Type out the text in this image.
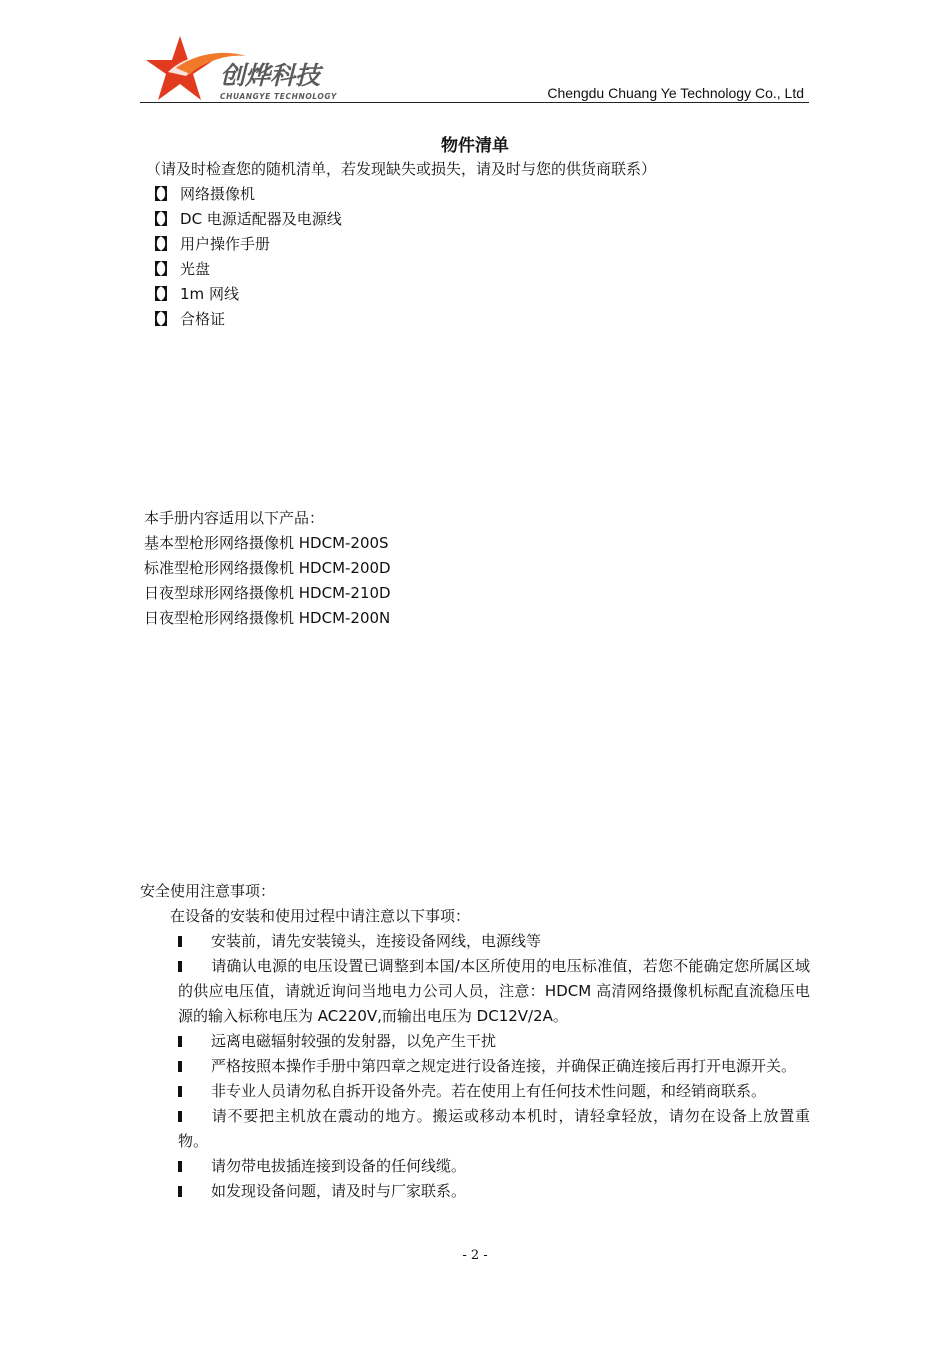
创烨科技
CHUANGYE TECHNOLOGY	Chengdu Chuang Ye Technology Co., Ltd
物件清单
（请及时检查您的随机清单，若发现缺失或损失，请及时与您的供货商联系）
【】 网络摄像机
【】 DC 电源适配器及电源线
【】 用户操作手册
【】 光盘
【】 1m 网线
【】 合格证
本手册内容适用以下产品：
基本型枪形网络摄像机 HDCM-200S
标准型枪形网络摄像机 HDCM-200D
日夜型球形网络摄像机 HDCM-210D
日夜型枪形网络摄像机 HDCM-200N
安全使用注意事项：
在设备的安装和使用过程中请注意以下事项：
安装前，请先安装镜头，连接设备网线，电源线等
请确认电源的电压设置已调整到本国/本区所使用的电压标准值，若您不能确定您所属区域的供应电压值，请就近询问当地电力公司人员，注意：HDCM 高清网络摄像机标配直流稳压电源的输入标称电压为 AC220V,而输出电压为 DC12V/2A。
远离电磁辐射较强的发射器，以免产生干扰
严格按照本操作手册中第四章之规定进行设备连接，并确保正确连接后再打开电源开关。
非专业人员请勿私自拆开设备外壳。若在使用上有任何技术性问题，和经销商联系。
请不要把主机放在震动的地方。搬运或移动本机时，请轻拿轻放，请勿在设备上放置重物。
请勿带电拔插连接到设备的任何线缆。
如发现设备问题，请及时与厂家联系。
- 2 -
